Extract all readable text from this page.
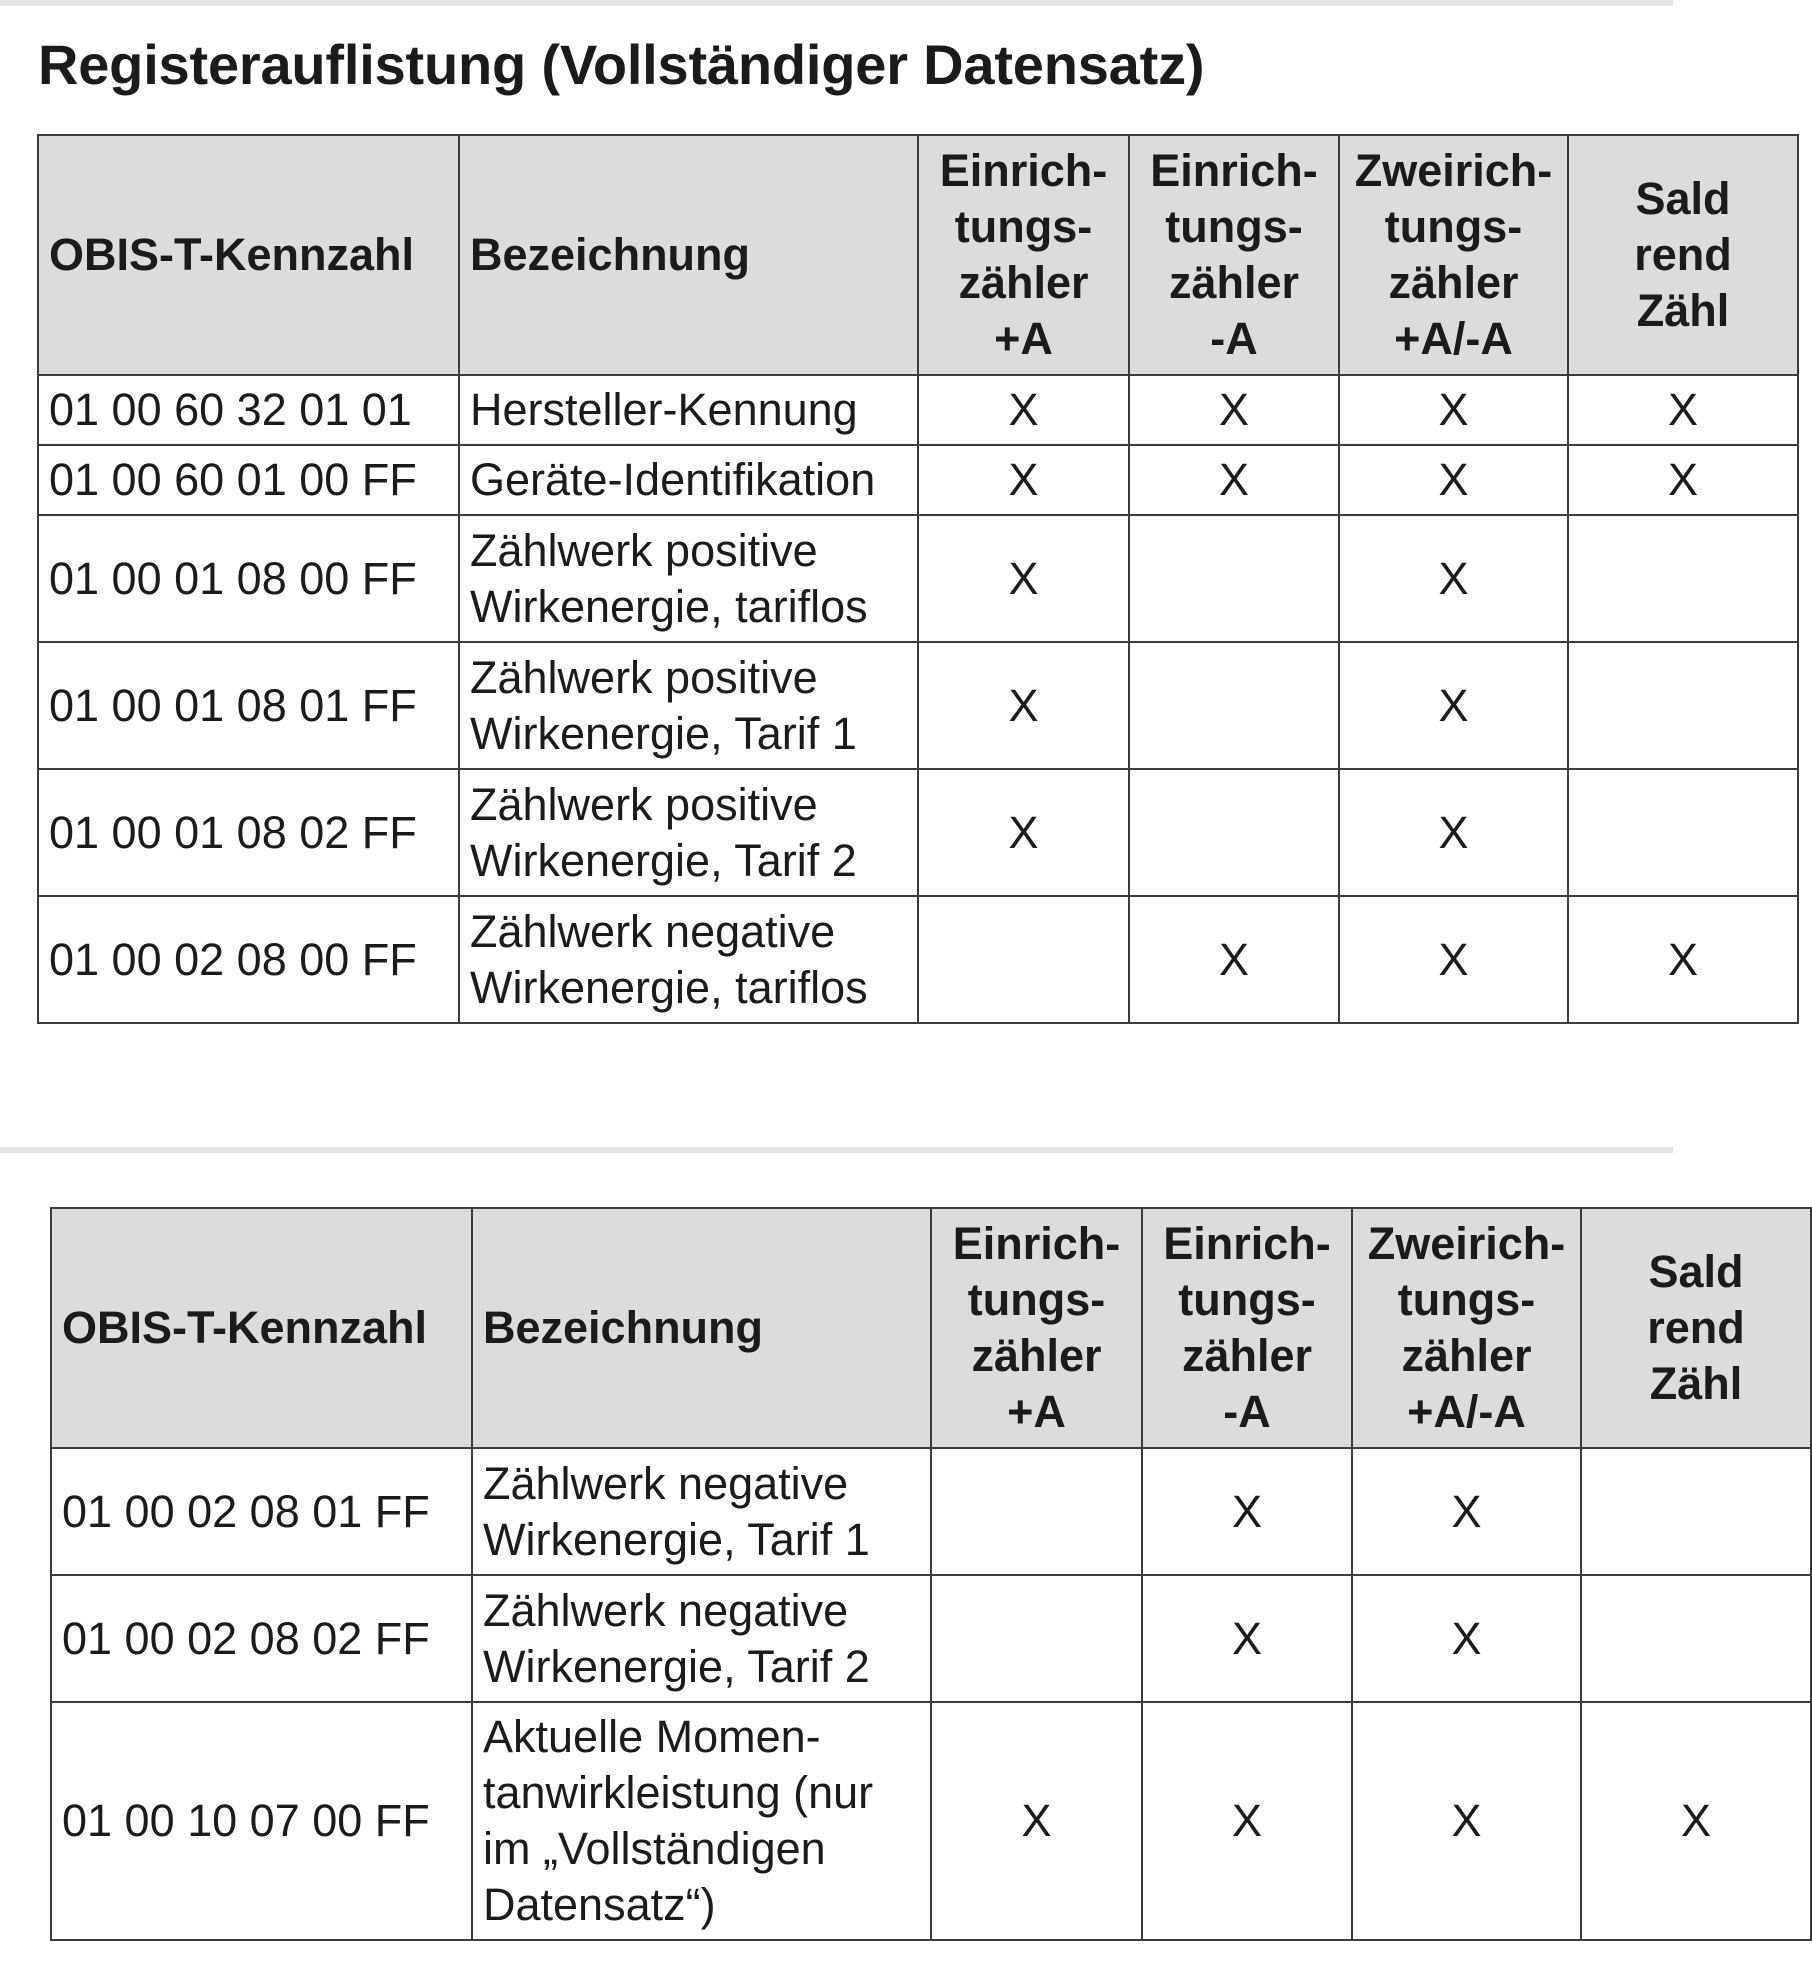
Registerauflistung (Vollständiger Datensatz)
OBIS-T-Kennzahl	Bezeichnung	Einrich-
tungs-
zähler
+A	Einrich-
tungs-
zähler
-A	Zweirich-
tungs-
zähler
+A/-A	Sald
rend
Zähl
01 00 60 32 01 01	Hersteller-Kennung	X	X	X	X
01 00 60 01 00 FF	Geräte-Identifikation	X	X	X	X
01 00 01 08 00 FF	Zählwerk positive
Wirkenergie, tariflos	X		X	
01 00 01 08 01 FF	Zählwerk positive
Wirkenergie, Tarif 1	X		X	
01 00 01 08 02 FF	Zählwerk positive
Wirkenergie, Tarif 2	X		X	
01 00 02 08 00 FF	Zählwerk negative
Wirkenergie, tariflos		X	X	X
OBIS-T-Kennzahl	Bezeichnung	Einrich-
tungs-
zähler
+A	Einrich-
tungs-
zähler
-A	Zweirich-
tungs-
zähler
+A/-A	Sald
rend
Zähl
01 00 02 08 01 FF	Zählwerk negative
Wirkenergie, Tarif 1		X	X	
01 00 02 08 02 FF	Zählwerk negative
Wirkenergie, Tarif 2		X	X	
01 00 10 07 00 FF	Aktuelle Momen-
tanwirkleistung (nur
im „Vollständigen
Datensatz“)	X	X	X	X
